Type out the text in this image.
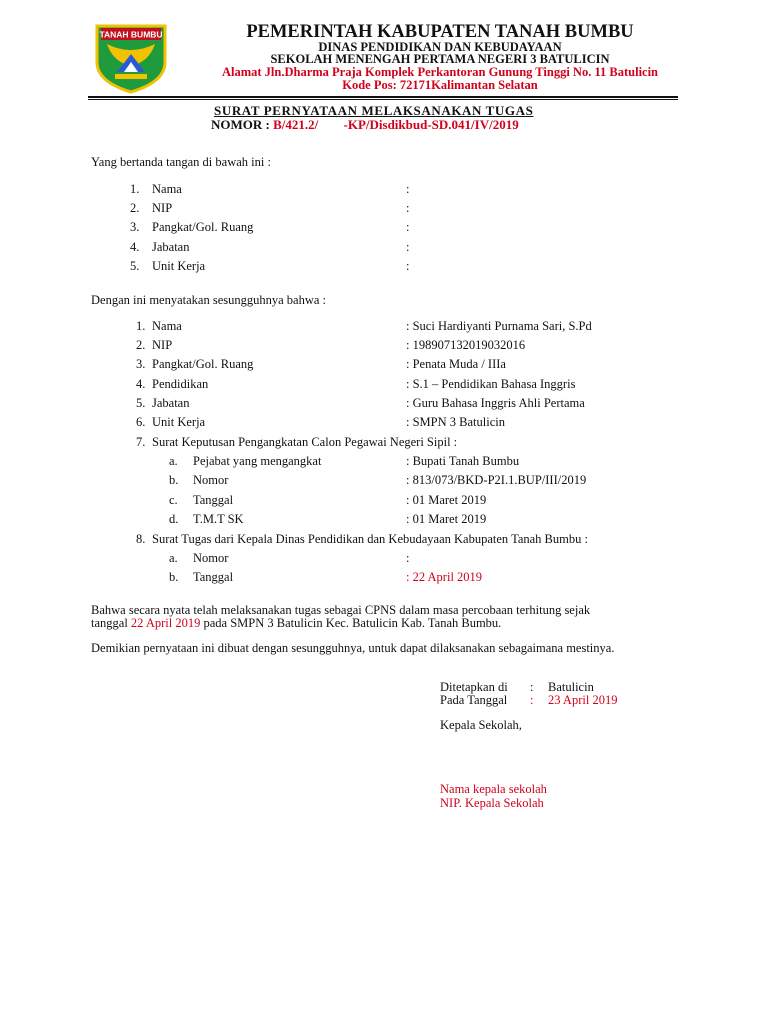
TANAH BUMBU	PEMERINTAH KABUPATEN TANAH BUMBU
DINAS PENDIDIKAN DAN KEBUDAYAAN
SEKOLAH MENENGAH PERTAMA NEGERI 3 BATULICIN
Alamat Jln.Dharma Praja Komplek Perkantoran Gunung Tinggi No. 11 Batulicin
Kode Pos: 72171Kalimantan Selatan
SURAT PERNYATAAN MELAKSANAKAN TUGAS
NOMOR : B/421.2/ -KP/Disdikbud-SD.041/IV/2019
Yang bertanda tangan di bawah ini :
1. Nama	:
2. NIP	:
3. Pangkat/Gol. Ruang	:
4. Jabatan	:
5. Unit Kerja	:
Dengan ini menyatakan sesungguhnya bahwa :
1. Nama	: Suci Hardiyanti Purnama Sari, S.Pd
2. NIP	: 198907132019032016
3. Pangkat/Gol. Ruang	: Penata Muda / IIIa
4. Pendidikan	: S.1 – Pendidikan Bahasa Inggris
5. Jabatan	: Guru Bahasa Inggris Ahli Pertama
6. Unit Kerja	: SMPN 3 Batulicin
7. Surat Keputusan Pengangkatan Calon Pegawai Negeri Sipil :
a. Pejabat yang mengangkat	: Bupati Tanah Bumbu
b. Nomor	: 813/073/BKD-P2I.1.BUP/III/2019
c. Tanggal	: 01 Maret 2019
d. T.M.T SK	: 01 Maret 2019
8. Surat Tugas dari Kepala Dinas Pendidikan dan Kebudayaan Kabupaten Tanah Bumbu :
a. Nomor	:
b. Tanggal	: 22 April 2019
Bahwa secara nyata telah melaksanakan tugas sebagai CPNS dalam masa percobaan terhitung sejak
tanggal 22 April 2019 pada SMPN 3 Batulicin Kec. Batulicin Kab. Tanah Bumbu.
Demikian pernyataan ini dibuat dengan sesungguhnya, untuk dapat dilaksanakan sebagaimana mestinya.
Ditetapkan di : Batulicin
Pada Tanggal : 23 April 2019
Kepala Sekolah,
Nama kepala sekolah
NIP. Kepala Sekolah
